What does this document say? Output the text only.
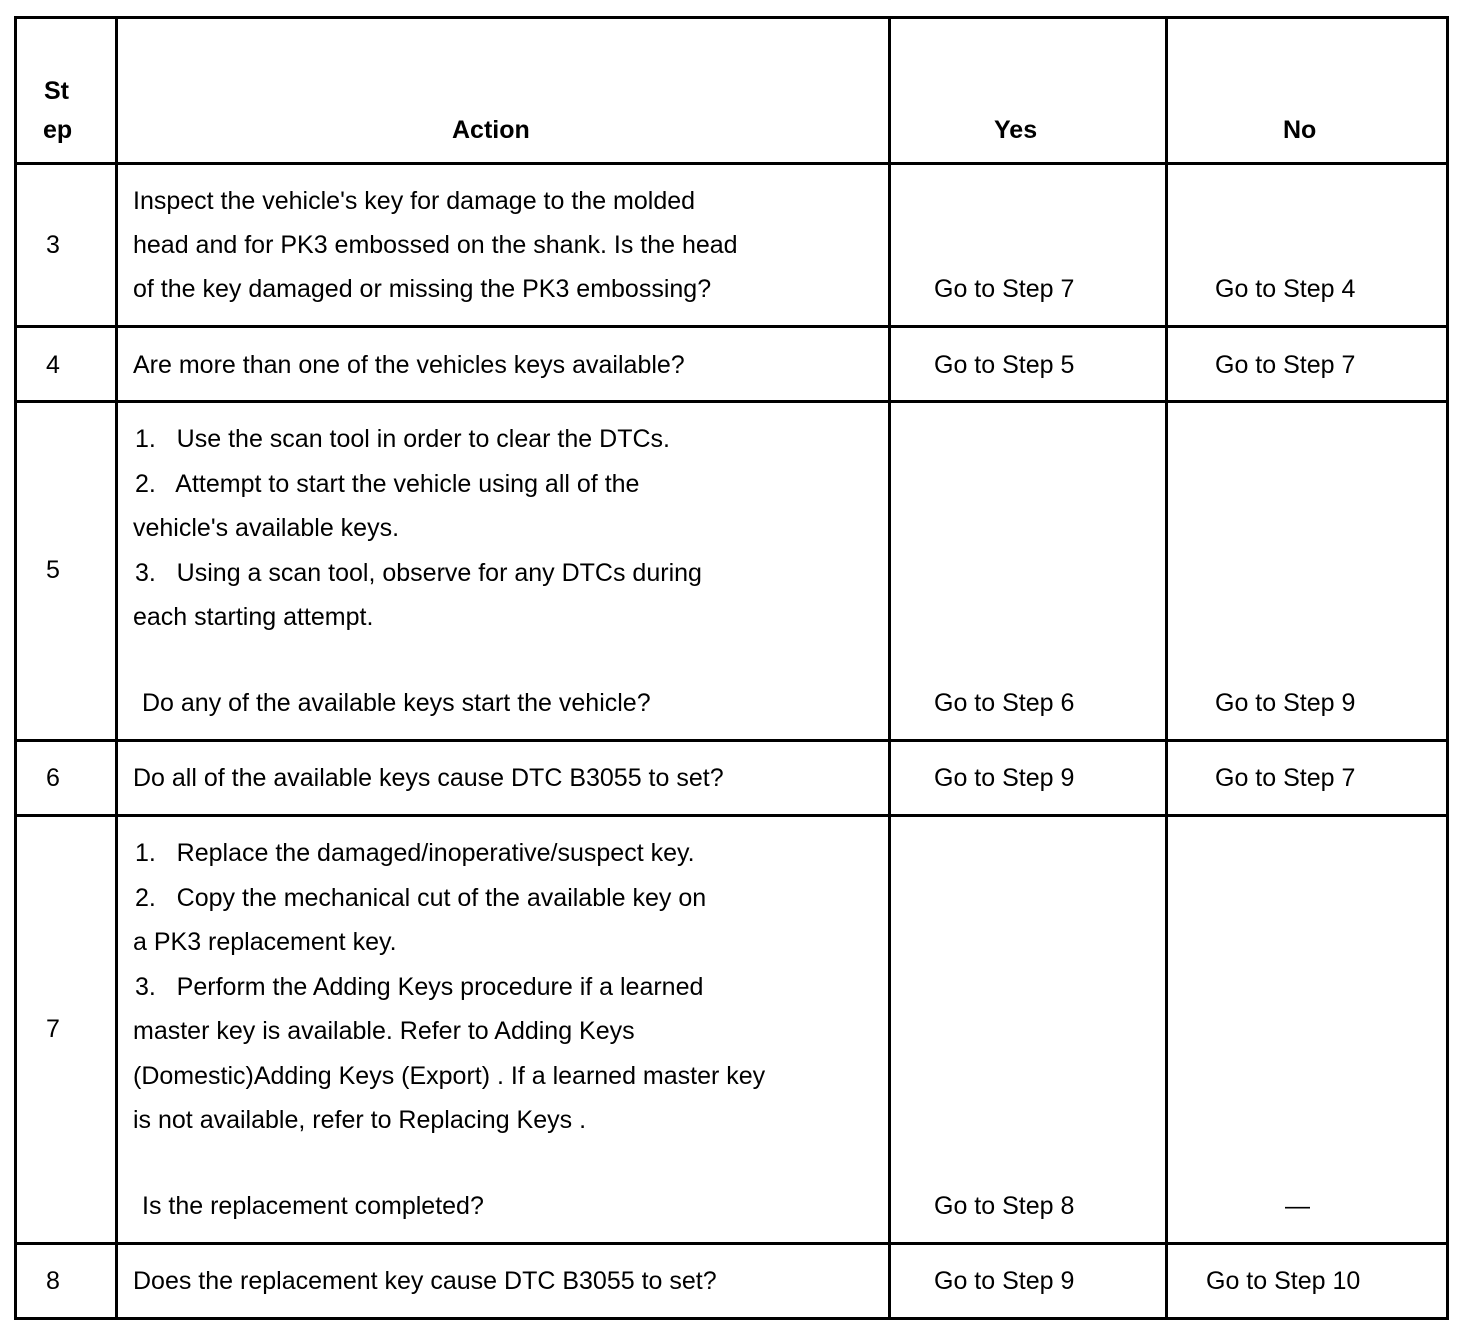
St
ep	Action	Yes	No
3
Inspect the vehicle's key for damage to the molded
head and for PK3 embossed on the shank. Is the head
of the key damaged or missing the PK3 embossing?	Go to Step 7	Go to Step 4
4	Are more than one of the vehicles keys available?	Go to Step 5	Go to Step 7
5
1.   Use the scan tool in order to clear the DTCs.
2.   Attempt to start the vehicle using all of the
vehicle's available keys.
3.   Using a scan tool, observe for any DTCs during
each starting attempt.
Do any of the available keys start the vehicle?	Go to Step 6	Go to Step 9
6	Do all of the available keys cause DTC B3055 to set?	Go to Step 9	Go to Step 7
7
1.   Replace the damaged/inoperative/suspect key.
2.   Copy the mechanical cut of the available key on
a PK3 replacement key.
3.   Perform the Adding Keys procedure if a learned
master key is available. Refer to Adding Keys
(Domestic)Adding Keys (Export) . If a learned master key
is not available, refer to Replacing Keys .
Is the replacement completed?	Go to Step 8	—
8	Does the replacement key cause DTC B3055 to set?	Go to Step 9	Go to Step 10
